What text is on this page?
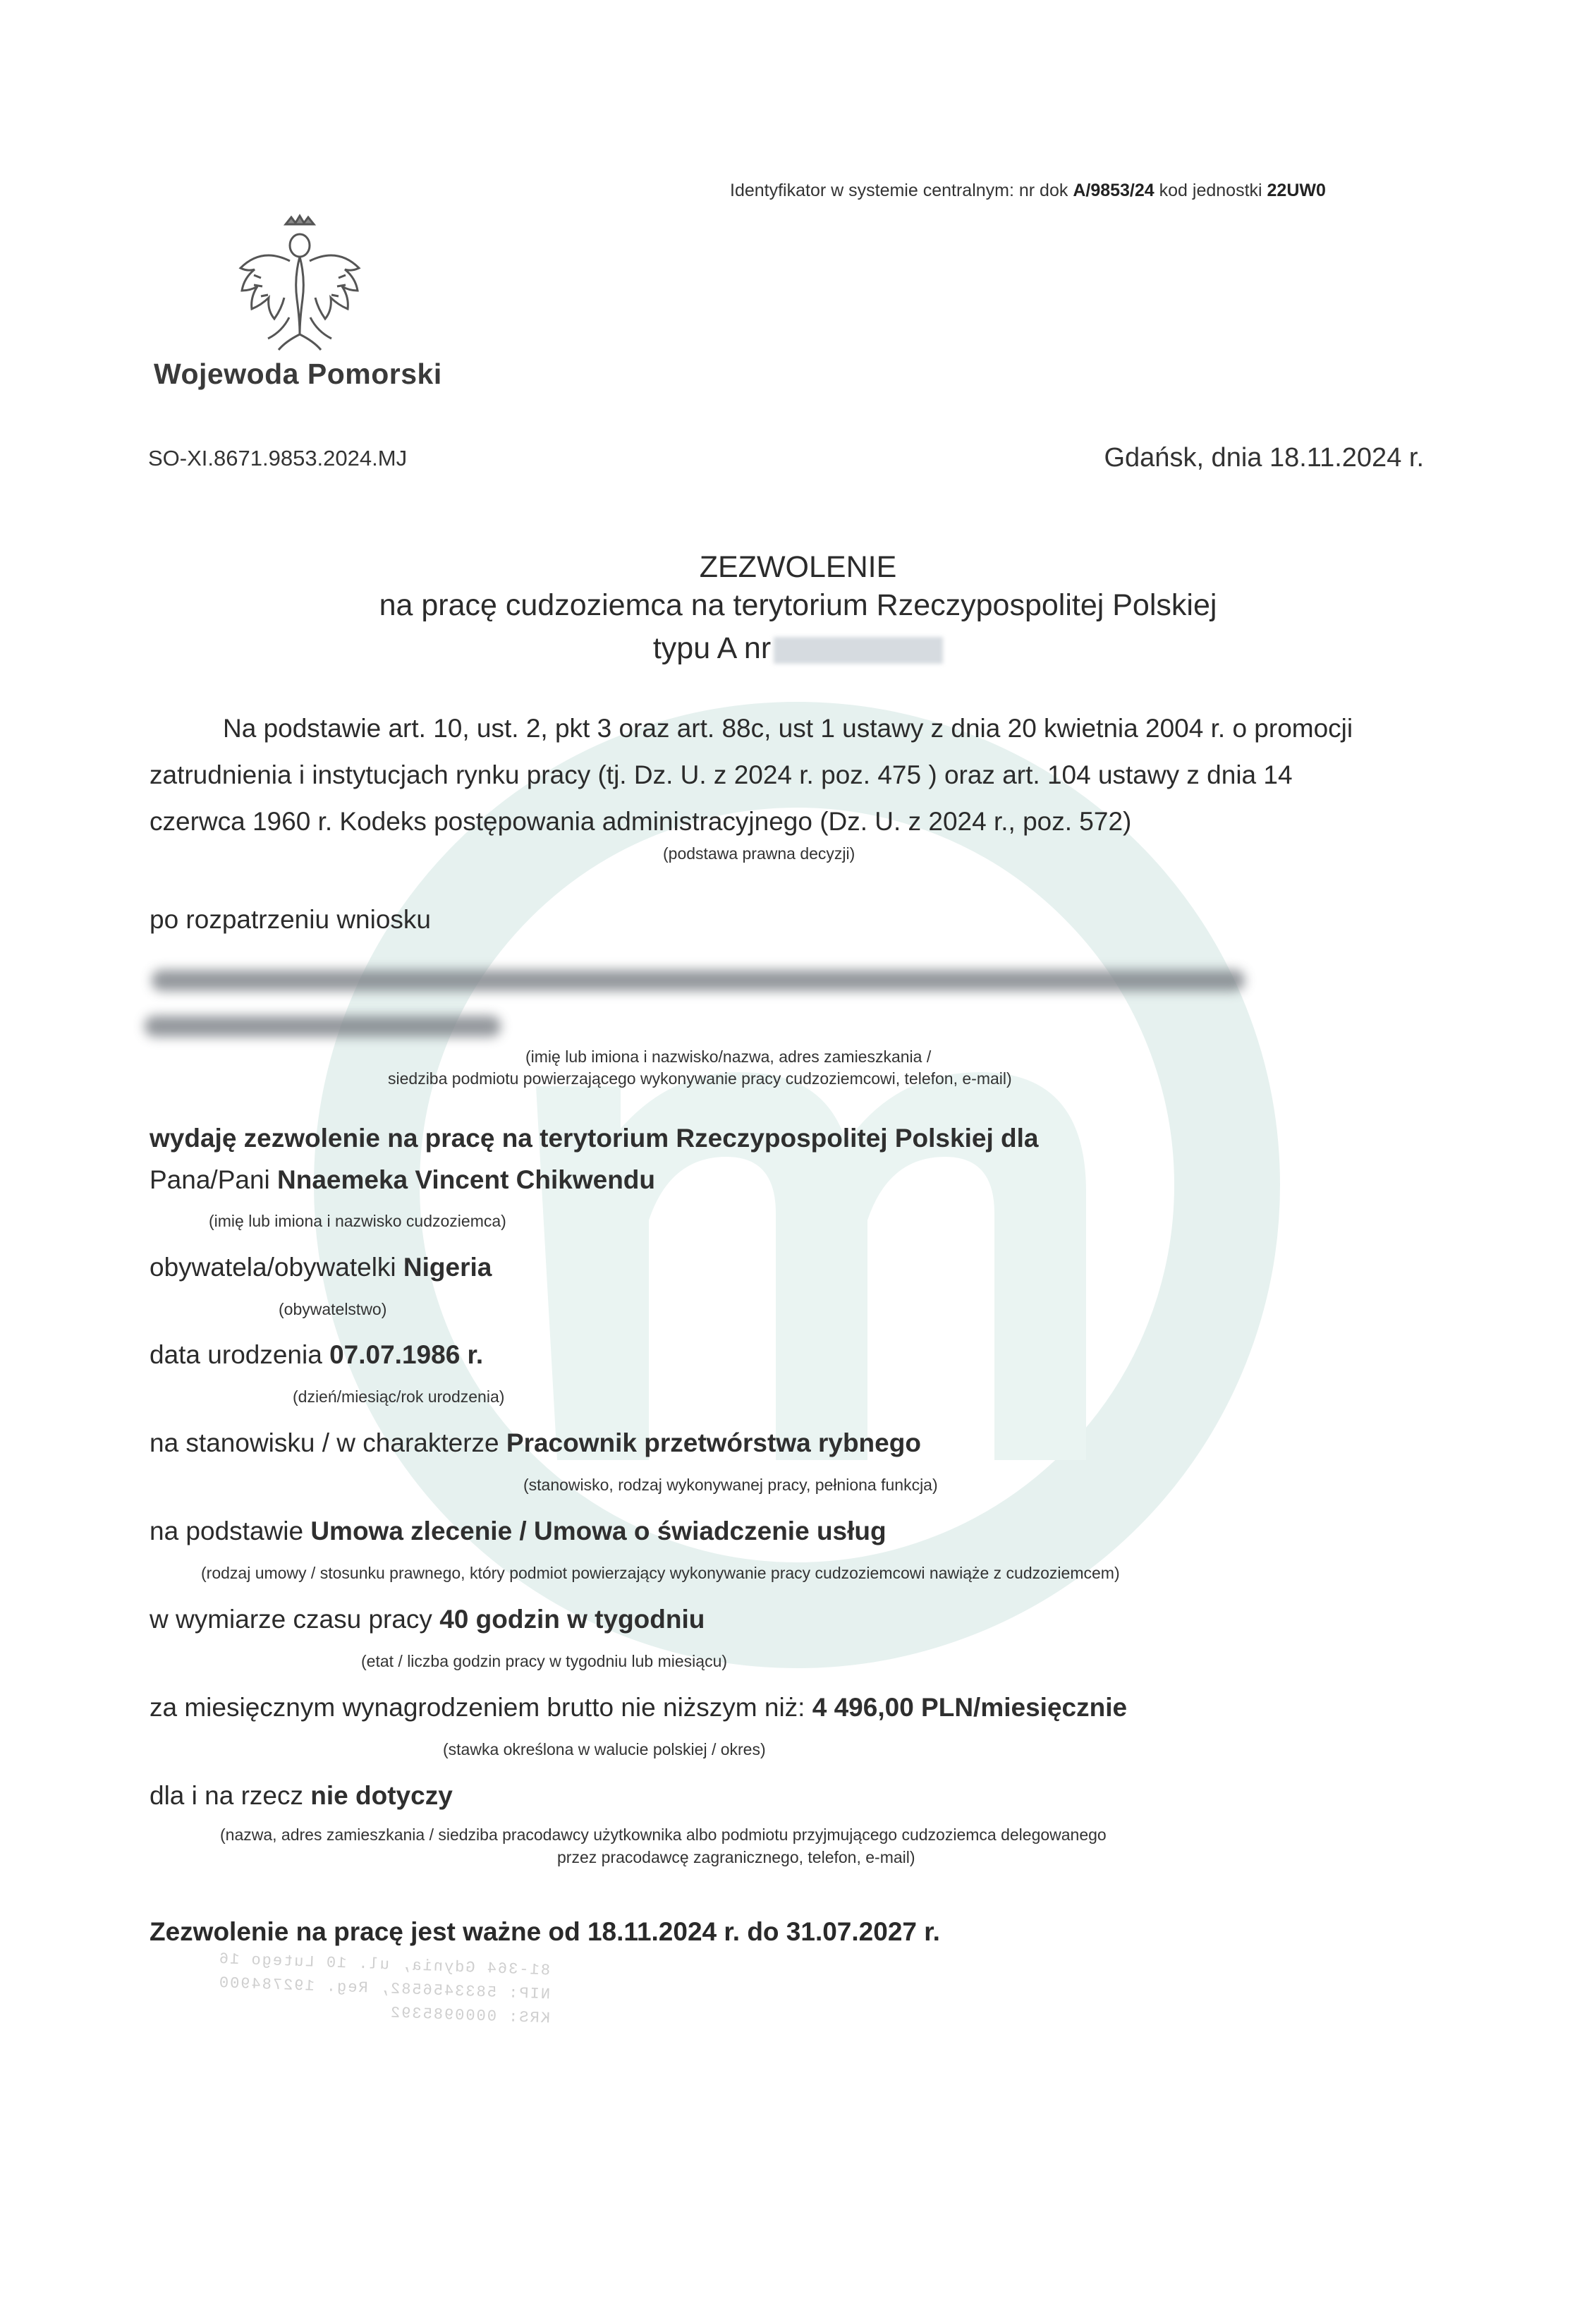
Identyfikator w systemie centralnym: nr dok A/9853/24 kod jednostki 22UW0
Wojewoda Pomorski
SO-XI.8671.9853.2024.MJ	Gdańsk, dnia 18.11.2024 r.
ZEZWOLENIE
na pracę cudzoziemca na terytorium Rzeczypospolitej Polskiej
typu A nr
Na podstawie art. 10, ust. 2, pkt 3 oraz art. 88c, ust 1 ustawy z dnia 20 kwietnia 2004 r. o promocji
zatrudnienia i instytucjach rynku pracy (tj. Dz. U. z 2024 r. poz. 475 ) oraz art. 104 ustawy z dnia 14
czerwca 1960 r. Kodeks postępowania administracyjnego (Dz. U. z 2024 r., poz. 572)
(podstawa prawna decyzji)
po rozpatrzeniu wniosku
(imię lub imiona i nazwisko/nazwa, adres zamieszkania /
siedziba podmiotu powierzającego wykonywanie pracy cudzoziemcowi, telefon, e-mail)
wydaję zezwolenie na pracę na terytorium Rzeczypospolitej Polskiej dla
Pana/Pani Nnaemeka Vincent Chikwendu
(imię lub imiona i nazwisko cudzoziemca)
obywatela/obywatelki Nigeria
(obywatelstwo)
data urodzenia 07.07.1986 r.
(dzień/miesiąc/rok urodzenia)
na stanowisku / w charakterze Pracownik przetwórstwa rybnego
(stanowisko, rodzaj wykonywanej pracy, pełniona funkcja)
na podstawie Umowa zlecenie / Umowa o świadczenie usług
(rodzaj umowy / stosunku prawnego, który podmiot powierzający wykonywanie pracy cudzoziemcowi nawiąże z cudzoziemcem)
w wymiarze czasu pracy 40 godzin w tygodniu
(etat / liczba godzin pracy w tygodniu lub miesiącu)
za miesięcznym wynagrodzeniem brutto nie niższym niż: 4 496,00 PLN/miesięcznie
(stawka określona w walucie polskiej / okres)
dla i na rzecz nie dotyczy
(nazwa, adres zamieszkania / siedziba pracodawcy użytkownika albo podmiotu przyjmującego cudzoziemca delegowanego
przez pracodawcę zagranicznego, telefon, e-mail)
Zezwolenie na pracę jest ważne od 18.11.2024 r. do 31.07.2027 r.
81-364 Gdynia, ul. 10 Lutego 16
NIP: 5833456582, Reg. 192784900
KRS: 0000985392
